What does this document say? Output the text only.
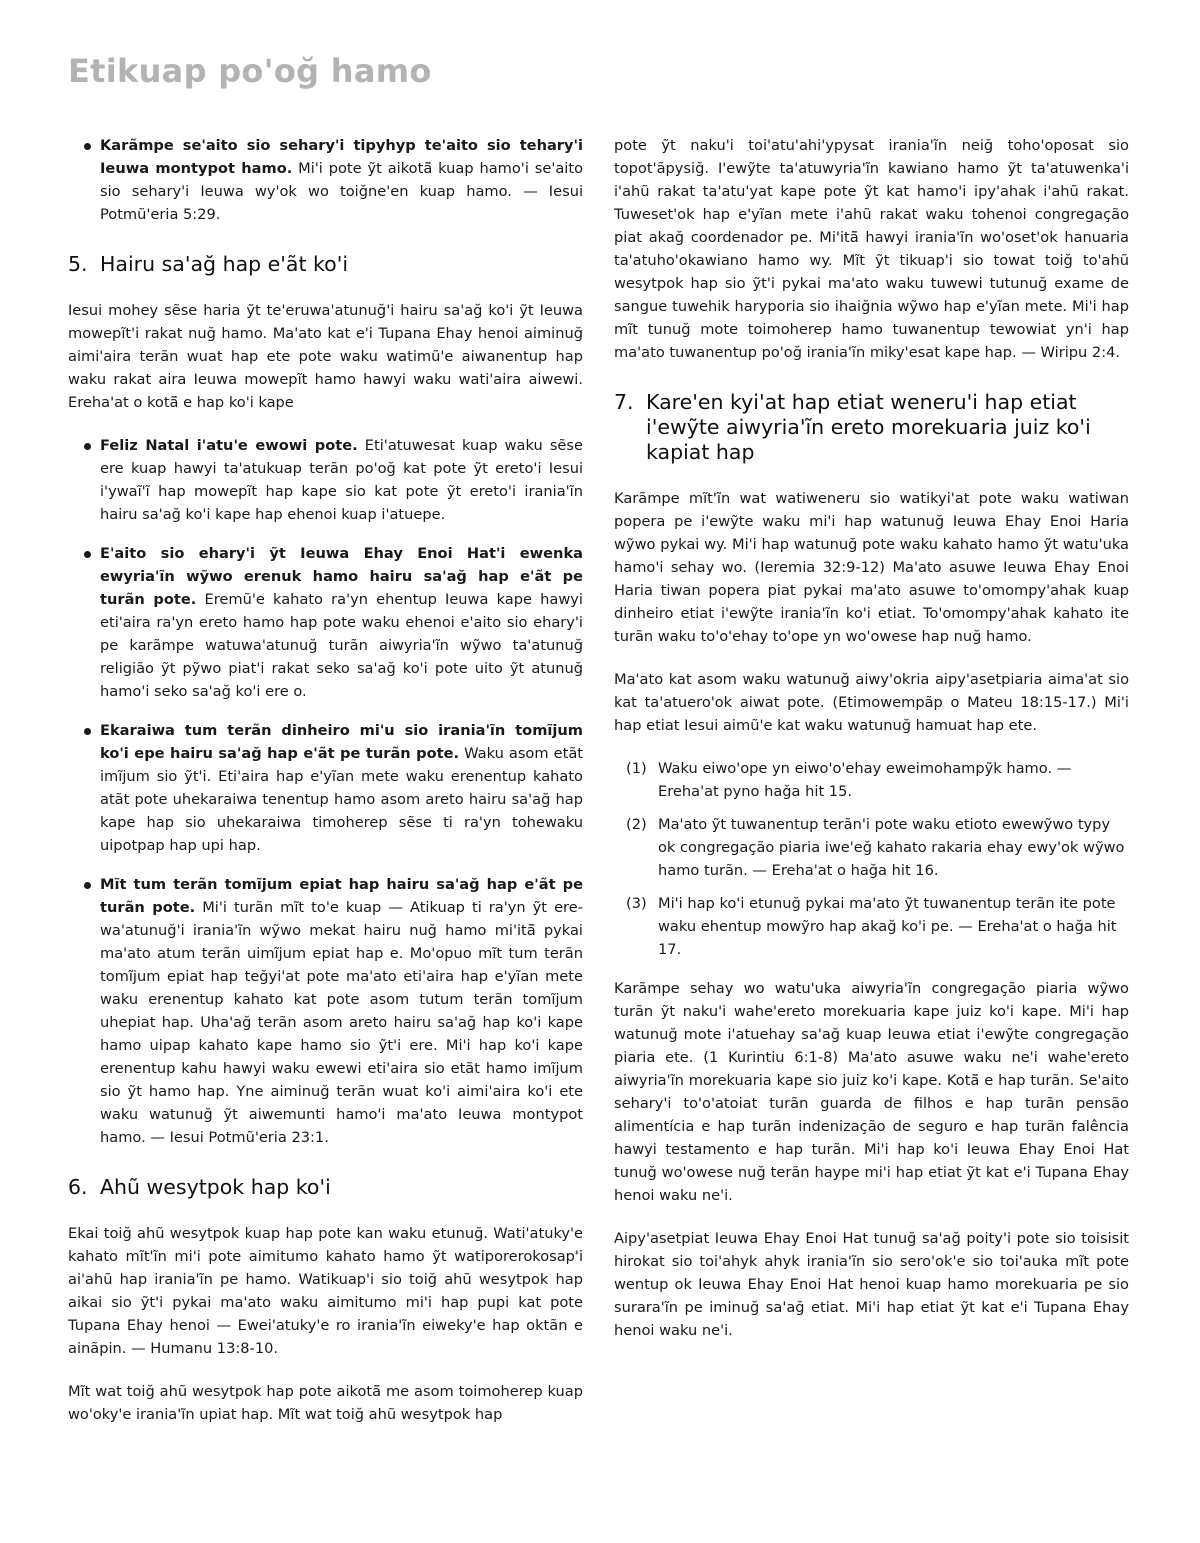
Etikuap po'oğ hamo
Karãmpe se'aito sio sehary'i tipyhyp te'aito sio tehary'i Ieuwa montypot hamo. Mi'i pote ỹt aikotã̄ kuap hamo'i se'aito sio sehary'i Ieuwa wy'ok wo toiğne'en kuap hamo. — Iesui Potmũ'eria 5:29.
5. Hairu sa'ağ hap e'ãt ko'i

Iesui mohey sẽse haria ỹt te'eruwa'atunuğ'i hairu sa'ağ ko'i ỹt Ieuwa mowepĩt'i rakat nuğ hamo. Ma'ato kat e'i Tupana Ehay henoi aiminuğ aimi'aira terãn wuat hap ete pote waku watimũ'e aiwanentup hap waku rakat aira Ieuwa mowepĩt hamo hawyi waku wati'aira aiwewi. Ereha'at o kotã̄ e hap ko'i kape

Feliz Natal i'atu'e ewowi pote. Eti'atuwesat kuap waku sẽse ere kuap hawyi ta'atukuap terãn po'oğ kat pote ỹt ereto'i Iesui i'ywaĩ'ĩ hap mowepĩt hap kape sio kat pote ỹt ereto'i irania'ĩn hairu sa'ağ ko'i kape hap ehenoi kuap i'atuepe.
E'aito sio ehary'i ỹt Ieuwa Ehay Enoi Hat'i ewenka ewyria'ĩn wỹwo erenuk hamo hairu sa'ağ hap e'ãt pe turãn pote. Eremũ'e kahato ra'yn ehentup Ieuwa kape hawyi eti'aira ra'yn ereto hamo hap pote waku ehenoi e'aito sio ehary'i pe karãmpe watuwa'atunuğ turãn aiwyria'ĩn wỹwo ta'atunuğ religião ỹt pỹwo piat'i rakat seko sa'ağ ko'i pote uito ỹt atunuğ hamo'i seko sa'ağ ko'i ere o.
Ekaraiwa tum terãn dinheiro mi'u sio irania'ĩn tomĩjum ko'i epe hairu sa'ağ hap e'ãt pe turãn pote. Waku asom etãt imĩjum sio ỹt'i. Eti'aira hap e'yĩan mete waku erenentup kahato atãt pote uhekaraiwa tenentup hamo asom areto hairu sa'ağ hap kape hap sio uhekaraiwa timoherep sẽse ti ra'yn tohewaku uipotpap hap upi hap.
Mĩt tum terãn tomĩjum epiat hap hairu sa'ağ hap e'ãt pe turãn pote. Mi'i turãn mĩt to'e kuap — Atikuap ti ra'yn ỹt erewa'atunuğ'i irania'ĩn wỹwo mekat hairu nuğ hamo mi'itã̄ pykai ma'ato atum terãn uimĩjum epiat hap e. Mo'opuo mĩt tum terãn tomĩjum epiat hap teğyi'at pote ma'ato eti'aira hap e'yĩan mete waku erenentup kahato kat pote asom tutum terãn tomĩjum uhepiat hap. Uha'ağ terãn asom areto hairu sa'ağ hap ko'i kape hamo uipap kahato kape hamo sio ỹt'i ere. Mi'i hap ko'i kape erenentup kahu hawyi waku ewewi eti'aira sio etãt hamo imĩjum sio ỹt hamo hap. Yne aiminuğ terãn wuat ko'i aimi'aira ko'i ete waku watunuğ ỹt aiwemunti hamo'i ma'ato Ieuwa montypot hamo. — Iesui Potmũ'eria 23:1.
6. Ahũ wesytpok hap ko'i

Ekai toiğ ahũ wesytpok kuap hap pote kan waku etunuğ. Wati'atuky'e kahato mĩt'ĩn mi'i pote aimitumo kahato hamo ỹt watiporerokosap'i ai'ahũ hap irania'ĩn pe hamo. Watikuap'i sio toiğ ahũ wesytpok hap aikai sio ỹt'i pykai ma'ato waku aimitumo mi'i hap pupi kat pote Tupana Ehay henoi — Ewei'atuky'e ro irania'ĩn eiweky'e hap oktãn e ainãpin. — Humanu 13:8-10.

Mĩt wat toiğ ahũ wesytpok hap pote aikotã̄ me asom toimoherep kuap wo'oky'e irania'ĩn upiat hap. Mĩt wat toiğ ahũ wesytpok hap

pote ỹt naku'i toi'atu'ahi'ypysat irania'ĩn neiğ toho'oposat sio topot'ãpysiğ. I'ewỹte ta'atuwyria'ĩn kawiano hamo ỹt ta'atuwenka'i i'ahũ rakat ta'atu'yat kape pote ỹt kat hamo'i ipy'ahak i'ahũ rakat. Tuweset'ok hap e'yĩan mete i'ahũ rakat waku tohenoi congregação piat akağ coordenador pe. Mi'itã̄ hawyi irania'ĩn wo'oset'ok hanuaria ta'atuho'okawiano hamo wy. Mĩt ỹt tikuap'i sio towat toiğ to'ahũ wesytpok hap sio ỹt'i pykai ma'ato waku tuwewi tutunuğ exame de sangue tuwehik haryporia sio ihaiğnia wỹwo hap e'yĩan mete. Mi'i hap mĩt tunuğ mote toimoherep hamo tuwanentup tewowiat yn'i hap ma'ato tuwanentup po'oğ irania'ĩn miky'esat kape hap. — Wiripu 2:4.

7. Kare'en kyi'at hap etiat weneru'i hap etiat i'ewỹte aiwyria'ĩn ereto morekuaria juiz ko'i kapiat hap

Karãmpe mĩt'ĩn wat watiweneru sio watikyi'at pote waku watiwan popera pe i'ewỹte waku mi'i hap watunuğ Ieuwa Ehay Enoi Haria wỹwo pykai wy. Mi'i hap watunuğ pote waku kahato hamo ỹt watu'uka hamo'i sehay wo. (Ieremia 32:9-12) Ma'ato asuwe Ieuwa Ehay Enoi Haria tiwan popera piat pykai ma'ato asuwe to'omompy'ahak kuap dinheiro etiat i'ewỹte irania'ĩn ko'i etiat. To'omompy'ahak kahato ite turãn waku to'o'ehay to'ope yn wo'owese hap nuğ hamo.

Ma'ato kat asom waku watunuğ aiwy'okria aipy'asetpiaria aima'at sio kat ta'atuero'ok aiwat pote. (Etimowempãp o Mateu 18:15-17.) Mi'i hap etiat Iesui aimũ'e kat waku watunuğ hamuat hap ete.

(1) Waku eiwo'ope yn eiwo'o'ehay eweimohampỹk hamo. — Ereha'at pyno hağa hit 15.
(2) Ma'ato ỹt tuwanentup terãn'i pote waku etioto ewewỹwo typy ok congregação piaria iwe'eğ kahato rakaria ehay ewy'ok wỹwo hamo turãn. — Ereha'at o hağa hit 16.
(3) Mi'i hap ko'i etunuğ pykai ma'ato ỹt tuwanentup terãn ite pote waku ehentup mowỹro hap akağ ko'i pe. — Ereha'at o hağa hit 17.

Karãmpe sehay wo watu'uka aiwyria'ĩn congregação piaria wỹwo turãn ỹt naku'i wahe'ereto morekuaria kape juiz ko'i kape. Mi'i hap watunuğ mote i'atuehay sa'ağ kuap Ieuwa etiat i'ewỹte congregação piaria ete. (1 Kurintiu 6:1-8) Ma'ato asuwe waku ne'i wahe'ereto aiwyria'ĩn morekuaria kape sio juiz ko'i kape. Kotã̄ e hap turãn. Se'aito sehary'i to'o'atoiat turãn guarda de filhos e hap turãn pensão alimentícia e hap turãn indenização de seguro e hap turãn falência hawyi testamento e hap turãn. Mi'i hap ko'i Ieuwa Ehay Enoi Hat tunuğ wo'owese nuğ terãn haype mi'i hap etiat ỹt kat e'i Tupana Ehay henoi waku ne'i.

Aipy'asetpiat Ieuwa Ehay Enoi Hat tunuğ sa'ağ poity'i pote sio toisisit hirokat sio toi'ahyk ahyk irania'ĩn sio sero'ok'e sio toi'auka mĩt pote wentup ok Ieuwa Ehay Enoi Hat henoi kuap hamo morekuaria pe sio surara'ĩn pe iminuğ sa'ağ etiat. Mi'i hap etiat ỹt kat e'i Tupana Ehay henoi waku ne'i.
